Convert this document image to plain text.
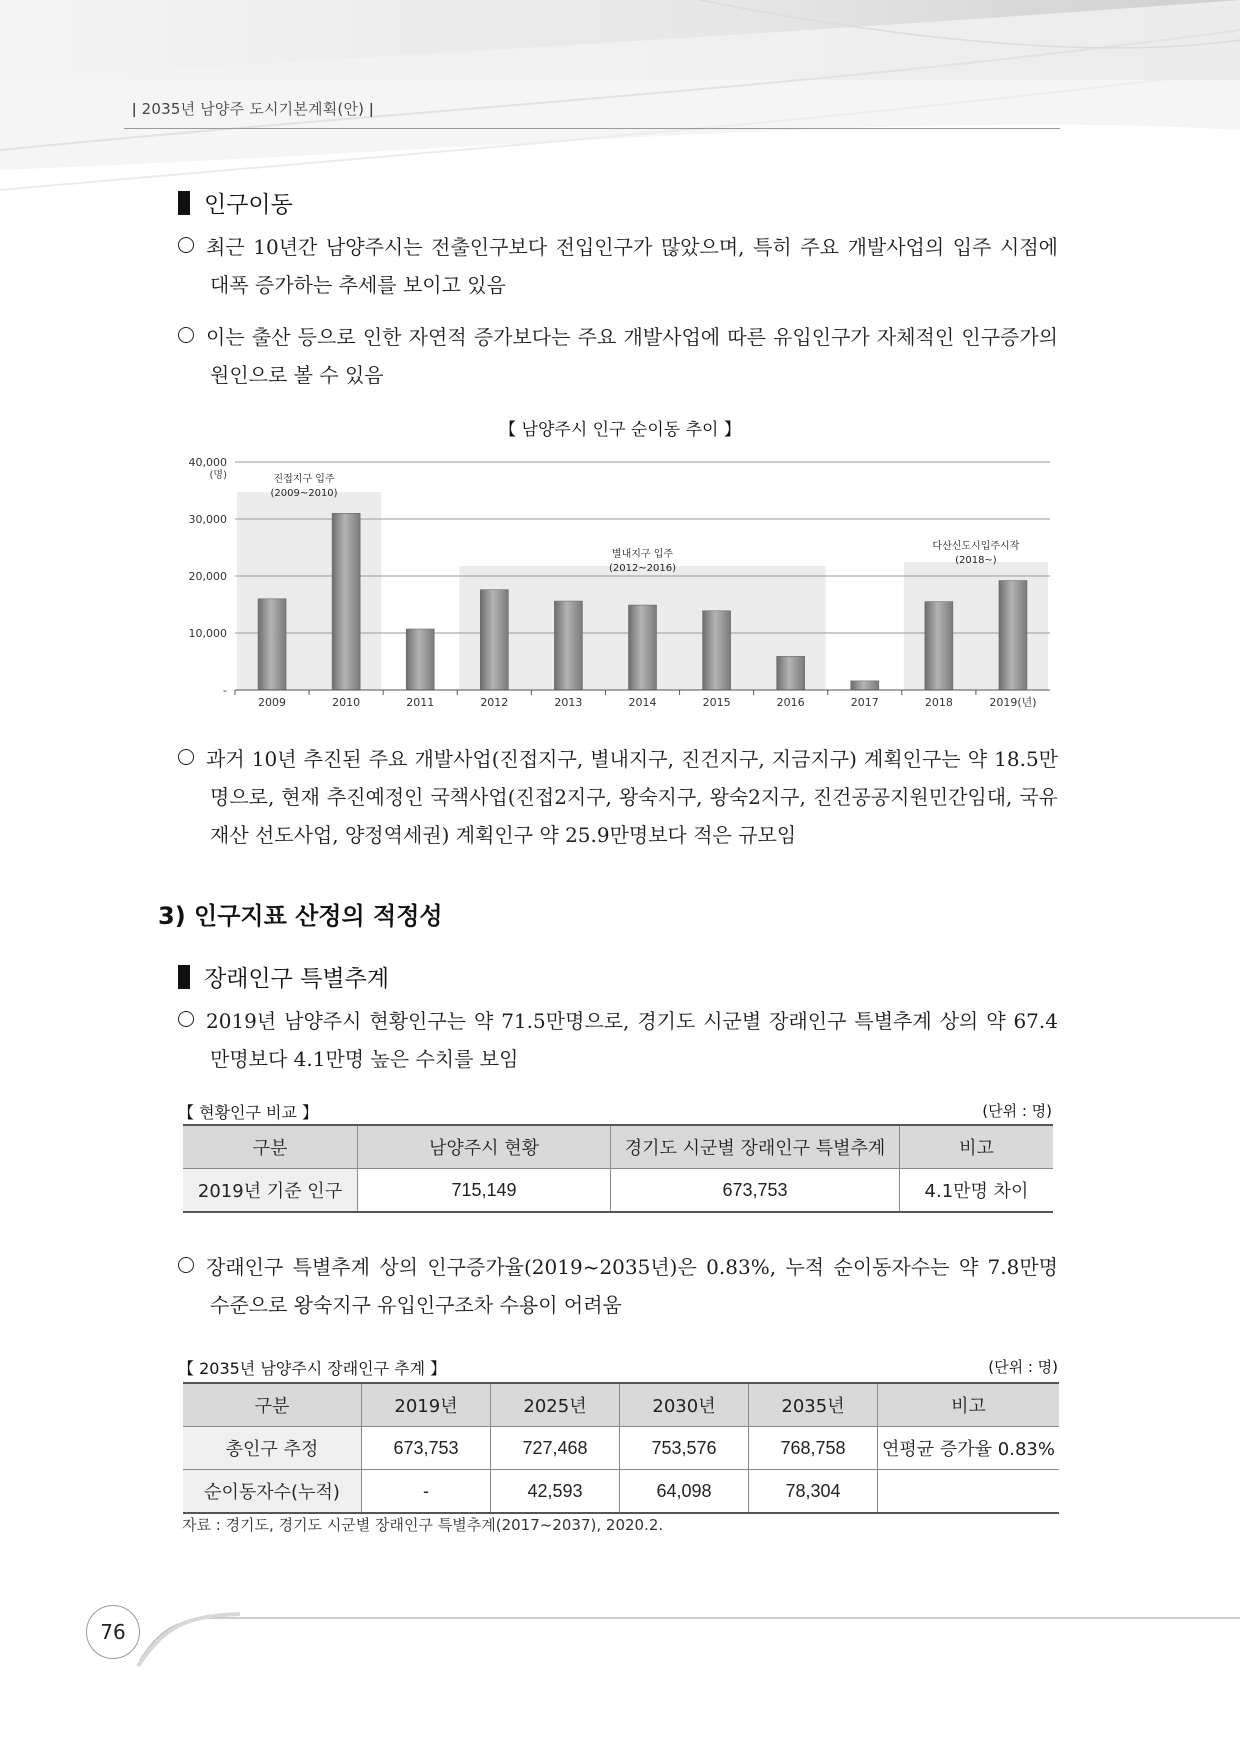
ǀ 2035년 남양주 도시기본계획(안) ǀ
인구이동
최근 10년간 남양주시는 전출인구보다 전입인구가 많았으며, 특히 주요 개발사업의 입주 시점에 대폭 증가하는 추세를 보이고 있음
이는 출산 등으로 인한 자연적 증가보다는 주요 개발사업에 따른 유입인구가 자체적인 인구증가의 원인으로 볼 수 있음
【 남양주시 인구 순이동 추이 】
-
10,000
20,000
30,000
40,000
(명)
2009	2010	2011	2012	2013	2014	2015	2016	2017	2018	2019(년)
진접지구 입주
(2009~2010)
별내지구 입주
(2012~2016)
다산신도시입주시작
(2018~)
과거 10년 추진된 주요 개발사업(진접지구, 별내지구, 진건지구, 지금지구) 계획인구는 약 18.5만명으로, 현재 추진예정인 국책사업(진접2지구, 왕숙지구, 왕숙2지구, 진건공공지원민간임대, 국유재산 선도사업, 양정역세권) 계획인구 약 25.9만명보다 적은 규모임
3) 인구지표 산정의 적정성
장래인구 특별추계
2019년 남양주시 현황인구는 약 71.5만명으로, 경기도 시군별 장래인구 특별추계 상의 약 67.4만명보다 4.1만명 높은 수치를 보임
【 현황인구 비교 】	(단위 : 명)
구분	남양주시 현황	경기도 시군별 장래인구 특별추계	비고
2019년 기준 인구	715,149	673,753	4.1만명 차이
장래인구 특별추계 상의 인구증가율(2019~2035년)은 0.83%, 누적 순이동자수는 약 7.8만명 수준으로 왕숙지구 유입인구조차 수용이 어려움
【 2035년 남양주시 장래인구 추계 】	(단위 : 명)
구분	2019년	2025년	2030년	2035년	비고
총인구 추정	673,753	727,468	753,576	768,758	연평균 증가율 0.83%
순이동자수(누적)	-	42,593	64,098	78,304	
자료 : 경기도, 경기도 시군별 장래인구 특별추계(2017~2037), 2020.2.
76
